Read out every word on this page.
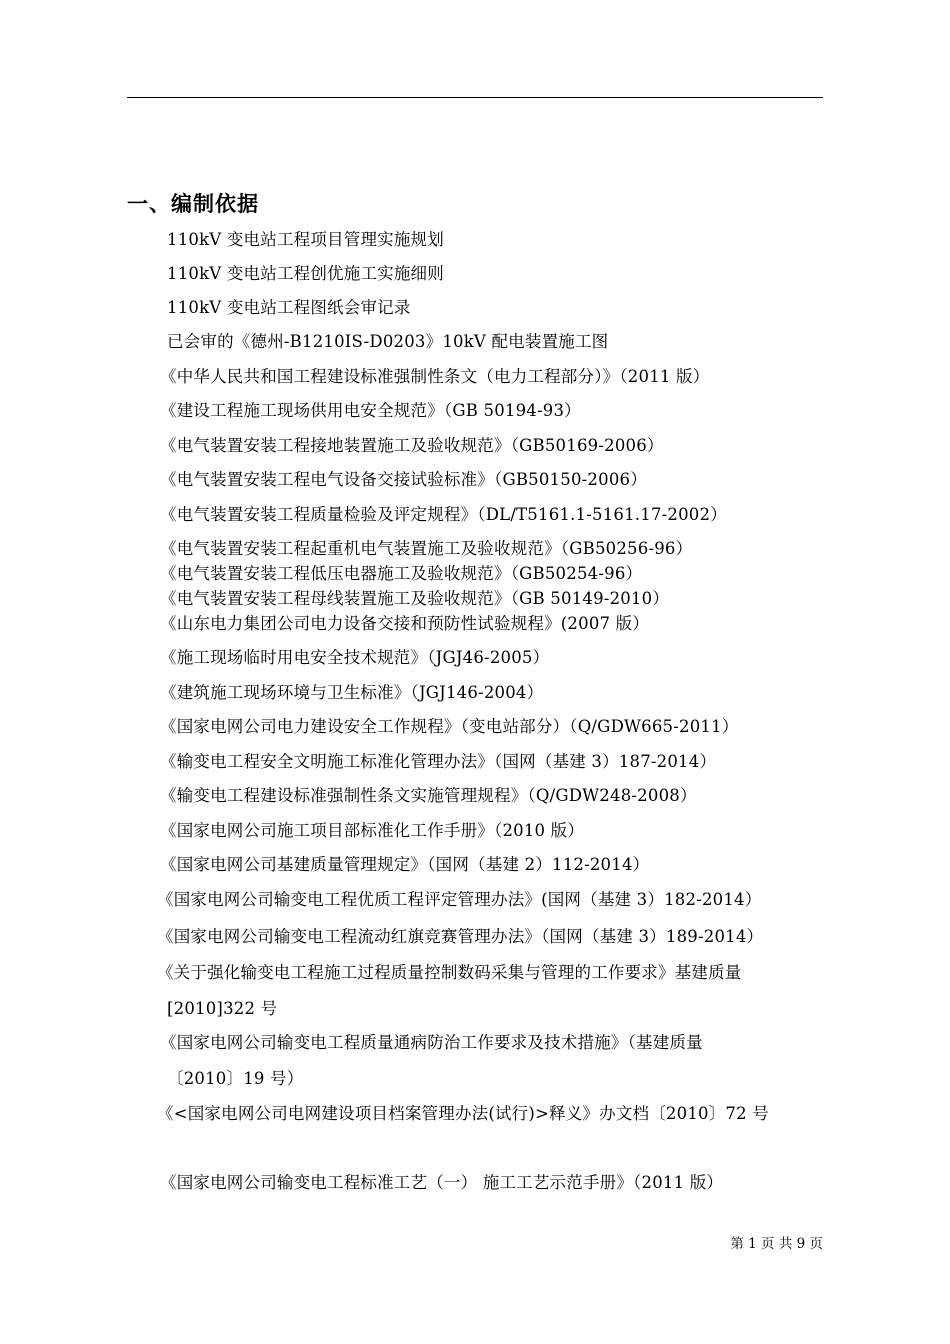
一、编制依据
110kV 变电站工程项目管理实施规划
110kV 变电站工程创优施工实施细则
110kV 变电站工程图纸会审记录
已会审的《德州-B1210IS-D0203》10kV 配电装置施工图
《中华人民共和国工程建设标准强制性条文（电力工程部分）》（2011 版）
《建设工程施工现场供用电安全规范》（GB 50194-93）
《电气装置安装工程接地装置施工及验收规范》（GB50169-2006）
《电气装置安装工程电气设备交接试验标准》（GB50150-2006）
《电气装置安装工程质量检验及评定规程》（DL/T5161.1-5161.17-2002）
《电气装置安装工程起重机电气装置施工及验收规范》（GB50256-96）
《电气装置安装工程低压电器施工及验收规范》（GB50254-96）
《电气装置安装工程母线装置施工及验收规范》（GB 50149-2010）
《山东电力集团公司电力设备交接和预防性试验规程》(2007 版）
《施工现场临时用电安全技术规范》（JGJ46-2005）
《建筑施工现场环境与卫生标准》（JGJ146-2004）
《国家电网公司电力建设安全工作规程》（变电站部分）（Q/GDW665-2011）
《输变电工程安全文明施工标准化管理办法》（国网（基建 3）187-2014）
《输变电工程建设标准强制性条文实施管理规程》（Q/GDW248-2008）
《国家电网公司施工项目部标准化工作手册》（2010 版）
《国家电网公司基建质量管理规定》（国网（基建 2）112-2014）
《国家电网公司输变电工程优质工程评定管理办法》(国网（基建 3）182-2014）
《国家电网公司输变电工程流动红旗竞赛管理办法》（国网（基建 3）189-2014）
《关于强化输变电工程施工过程质量控制数码采集与管理的工作要求》基建质量
[2010]322 号
《国家电网公司输变电工程质量通病防治工作要求及技术措施》（基建质量
〔2010〕19 号）
《<国家电网公司电网建设项目档案管理办法(试行)>释义》办文档〔2010〕72 号
《国家电网公司输变电工程标准工艺（一） 施工工艺示范手册》（2011 版）
第 1 页 共 9 页
